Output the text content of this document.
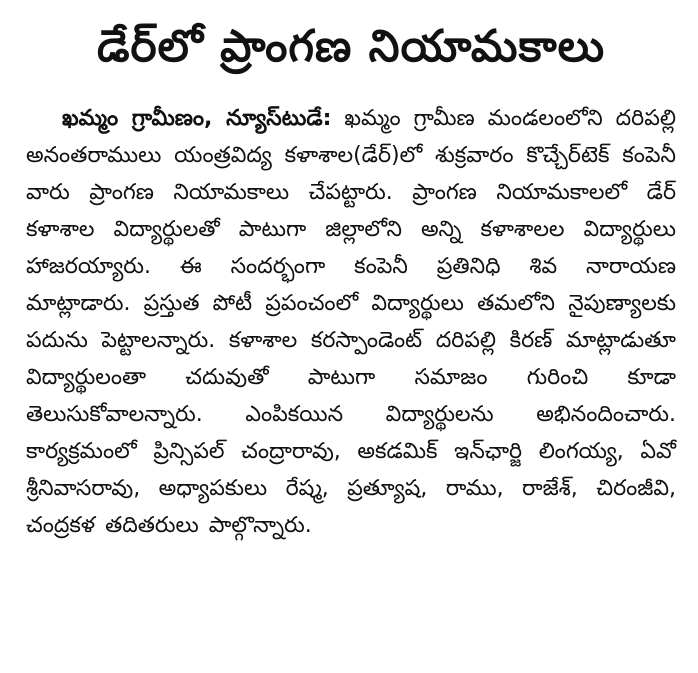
డేర్‌లో ప్రాంగణ నియామకాలు

ఖమ్మం గ్రామీణం, న్యూస్‌టుడే: ఖమ్మం గ్రామీణ మండలంలోని దరిపల్లి అనంతరాములు యంత్రవిద్య కళాశాల(డేర్)లో శుక్రవారం కొచ్చేర్‌టెక్ కంపెనీ వారు ప్రాంగణ నియామకాలు చేపట్టారు. ప్రాంగణ నియామకాలలో డేర్ కళాశాల విద్యార్థులతో పాటుగా జిల్లాలోని అన్ని కళాశాలల విద్యార్థులు హాజరయ్యారు. ఈ సందర్భంగా కంపెనీ ప్రతినిధి శివ నారాయణ మాట్లాడారు. ప్రస్తుత పోటీ ప్రపంచంలో విద్యార్థులు తమలోని నైపుణ్యాలకు పదును పెట్టాలన్నారు. కళాశాల కరస్పాండెంట్ దరిపల్లి కిరణ్ మాట్లాడుతూ విద్యార్థులంతా చదువుతో పాటుగా సమాజం గురించి కూడా తెలుసుకోవాలన్నారు. ఎంపికయిన విద్యార్థులను అభినందించారు. కార్యక్రమంలో ప్రిన్సిపల్ చంద్రారావు, అకడమిక్ ఇన్‌ఛార్జి లింగయ్య, ఏవో శ్రీనివాసరావు, అధ్యాపకులు రేష్మ, ప్రత్యూష, రాము, రాజేశ్, చిరంజీవి, చంద్రకళ తదితరులు పాల్గొన్నారు.
